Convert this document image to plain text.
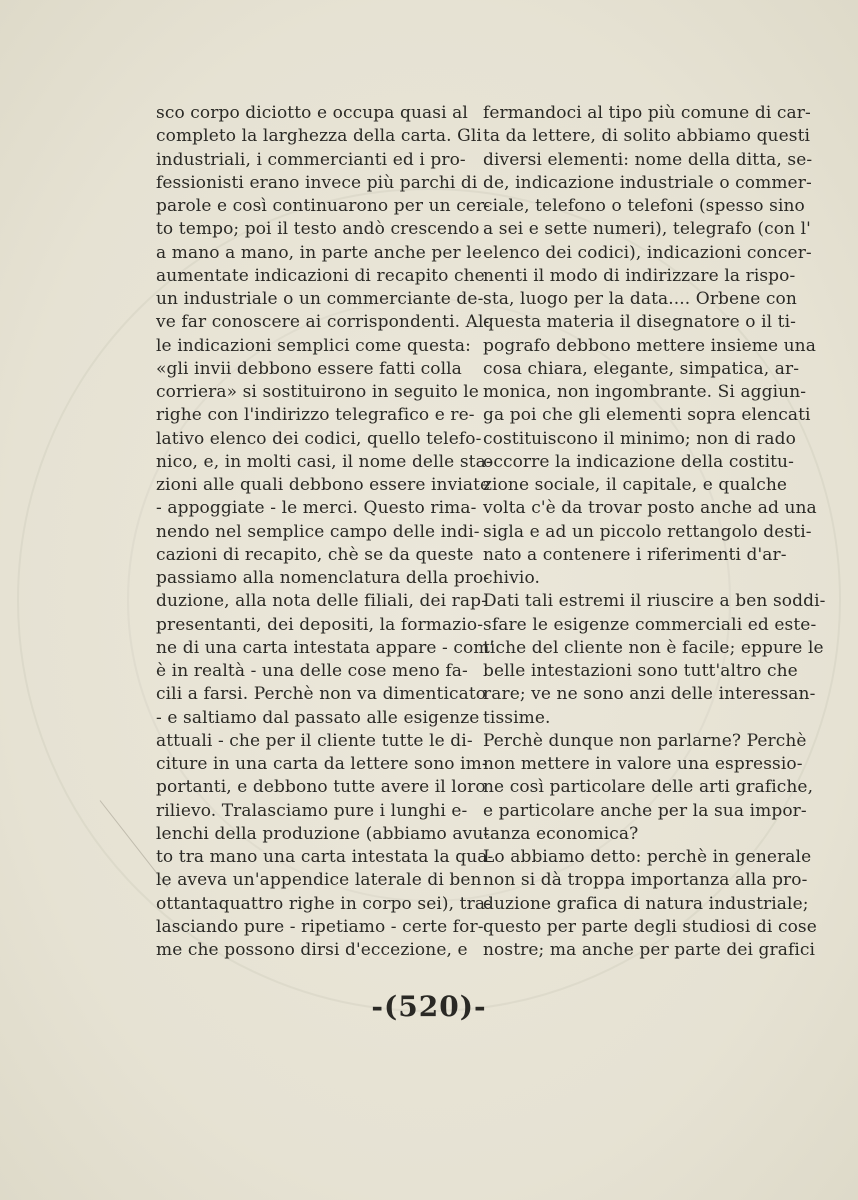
sco corpo diciotto e occupa quasi al
completo la larghezza della carta. Gli
industriali, i commercianti ed i pro-
fessionisti erano invece più parchi di
parole e così continuarono per un cer-
to tempo; poi il testo andò crescendo
a mano a mano, in parte anche per le
aumentate indicazioni di recapito che
un industriale o un commerciante de-
ve far conoscere ai corrispondenti. Al-
le indicazioni semplici come questa:
«gli invii debbono essere fatti colla
corriera» si sostituirono in seguito le
righe con l'indirizzo telegrafico e re-
lativo elenco dei codici, quello telefo-
nico, e, in molti casi, il nome delle sta-
zioni alle quali debbono essere inviate
- appoggiate - le merci. Questo rima-
nendo nel semplice campo delle indi-
cazioni di recapito, chè se da queste
passiamo alla nomenclatura della pro-
duzione, alla nota delle filiali, dei rap-
presentanti, dei depositi, la formazio-
ne di una carta intestata appare - com'
è in realtà - una delle cose meno fa-
cili a farsi. Perchè non va dimenticato
- e saltiamo dal passato alle esigenze
attuali - che per il cliente tutte le di-
citure in una carta da lettere sono im-
portanti, e debbono tutte avere il loro
rilievo. Tralasciamo pure i lunghi e-
lenchi della produzione (abbiamo avu-
to tra mano una carta intestata la qua-
le aveva un'appendice laterale di ben
ottantaquattro righe in corpo sei), tra-
lasciando pure - ripetiamo - certe for-
me che possono dirsi d'eccezione, e
fermandoci al tipo più comune di car-
ta da lettere, di solito abbiamo questi
diversi elementi: nome della ditta, se-
de, indicazione industriale o commer-
ciale, telefono o telefoni (spesso sino
a sei e sette numeri), telegrafo (con l'
elenco dei codici), indicazioni concer-
nenti il modo di indirizzare la rispo-
sta, luogo per la data.... Orbene con
questa materia il disegnatore o il ti-
pografo debbono mettere insieme una
cosa chiara, elegante, simpatica, ar-
monica, non ingombrante. Si aggiun-
ga poi che gli elementi sopra elencati
costituiscono il minimo; non di rado
occorre la indicazione della costitu-
zione sociale, il capitale, e qualche
volta c'è da trovar posto anche ad una
sigla e ad un piccolo rettangolo desti-
nato a contenere i riferimenti d'ar-
chivio.
Dati tali estremi il riuscire a ben soddi-
sfare le esigenze commerciali ed este-
tiche del cliente non è facile; eppure le
belle intestazioni sono tutt'altro che
rare; ve ne sono anzi delle interessan-
tissime.
Perchè dunque non parlarne? Perchè
non mettere in valore una espressio-
ne così particolare delle arti grafiche,
e particolare anche per la sua impor-
tanza economica?
Lo abbiamo detto: perchè in generale
non si dà troppa importanza alla pro-
duzione grafica di natura industriale;
questo per parte degli studiosi di cose
nostre; ma anche per parte dei grafici
-(520)-
